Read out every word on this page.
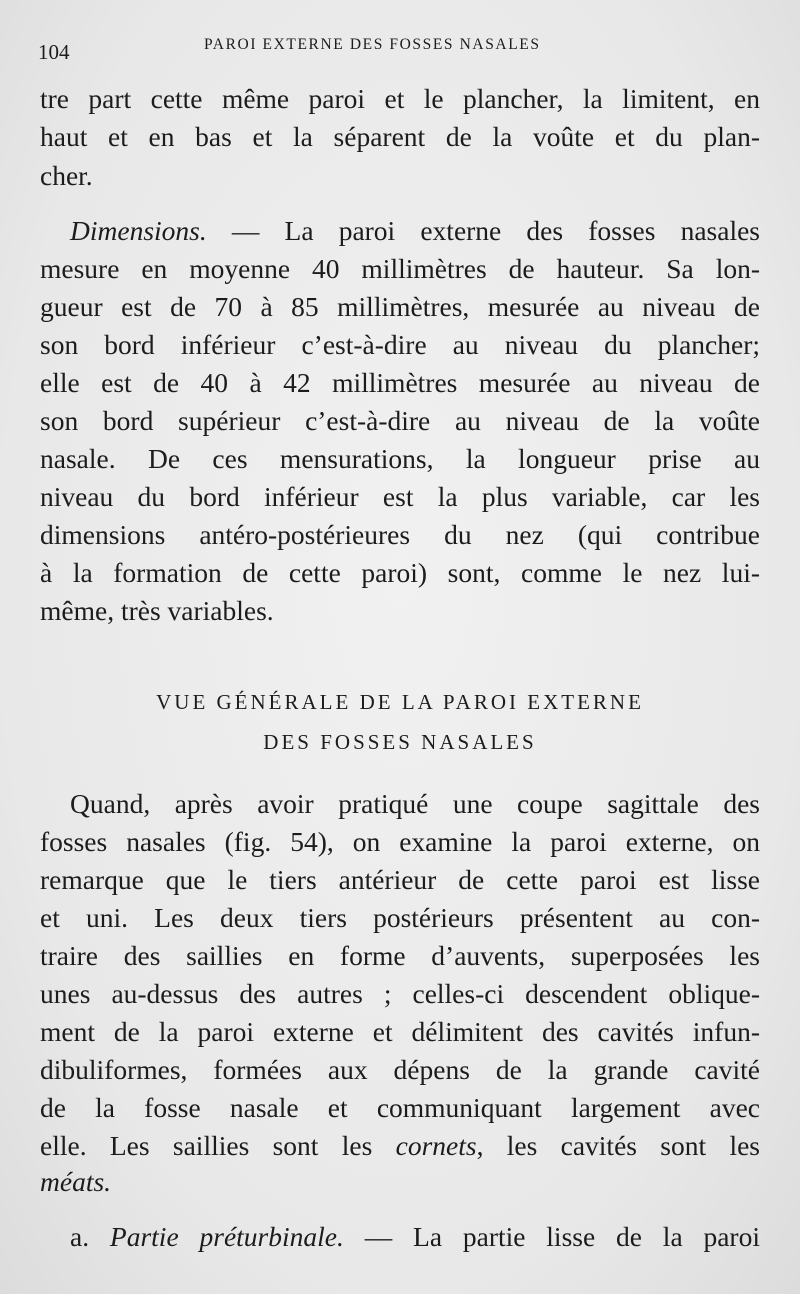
104	PAROI EXTERNE DES FOSSES NASALES
tre part cette même paroi et le plancher, la limitent, en
haut et en bas et la séparent de la voûte et du plan-
cher.
Dimensions. — La paroi externe des fosses nasales
mesure en moyenne 40 millimètres de hauteur. Sa lon-
gueur est de 70 à 85 millimètres, mesurée au niveau de
son bord inférieur c’est-à-dire au niveau du plancher;
elle est de 40 à 42 millimètres mesurée au niveau de
son bord supérieur c’est-à-dire au niveau de la voûte
nasale. De ces mensurations, la longueur prise au
niveau du bord inférieur est la plus variable, car les
dimensions antéro-postérieures du nez (qui contribue
à la formation de cette paroi) sont, comme le nez lui-
même, très variables.
VUE GÉNÉRALE DE LA PAROI EXTERNE
DES FOSSES NASALES
Quand, après avoir pratiqué une coupe sagittale des
fosses nasales (fig. 54), on examine la paroi externe, on
remarque que le tiers antérieur de cette paroi est lisse
et uni. Les deux tiers postérieurs présentent au con-
traire des saillies en forme d’auvents, superposées les
unes au-dessus des autres ; celles-ci descendent oblique-
ment de la paroi externe et délimitent des cavités infun-
dibuliformes, formées aux dépens de la grande cavité
de la fosse nasale et communiquant largement avec
elle. Les saillies sont les cornets, les cavités sont les
méats.
a. Partie préturbinale. — La partie lisse de la paroi
